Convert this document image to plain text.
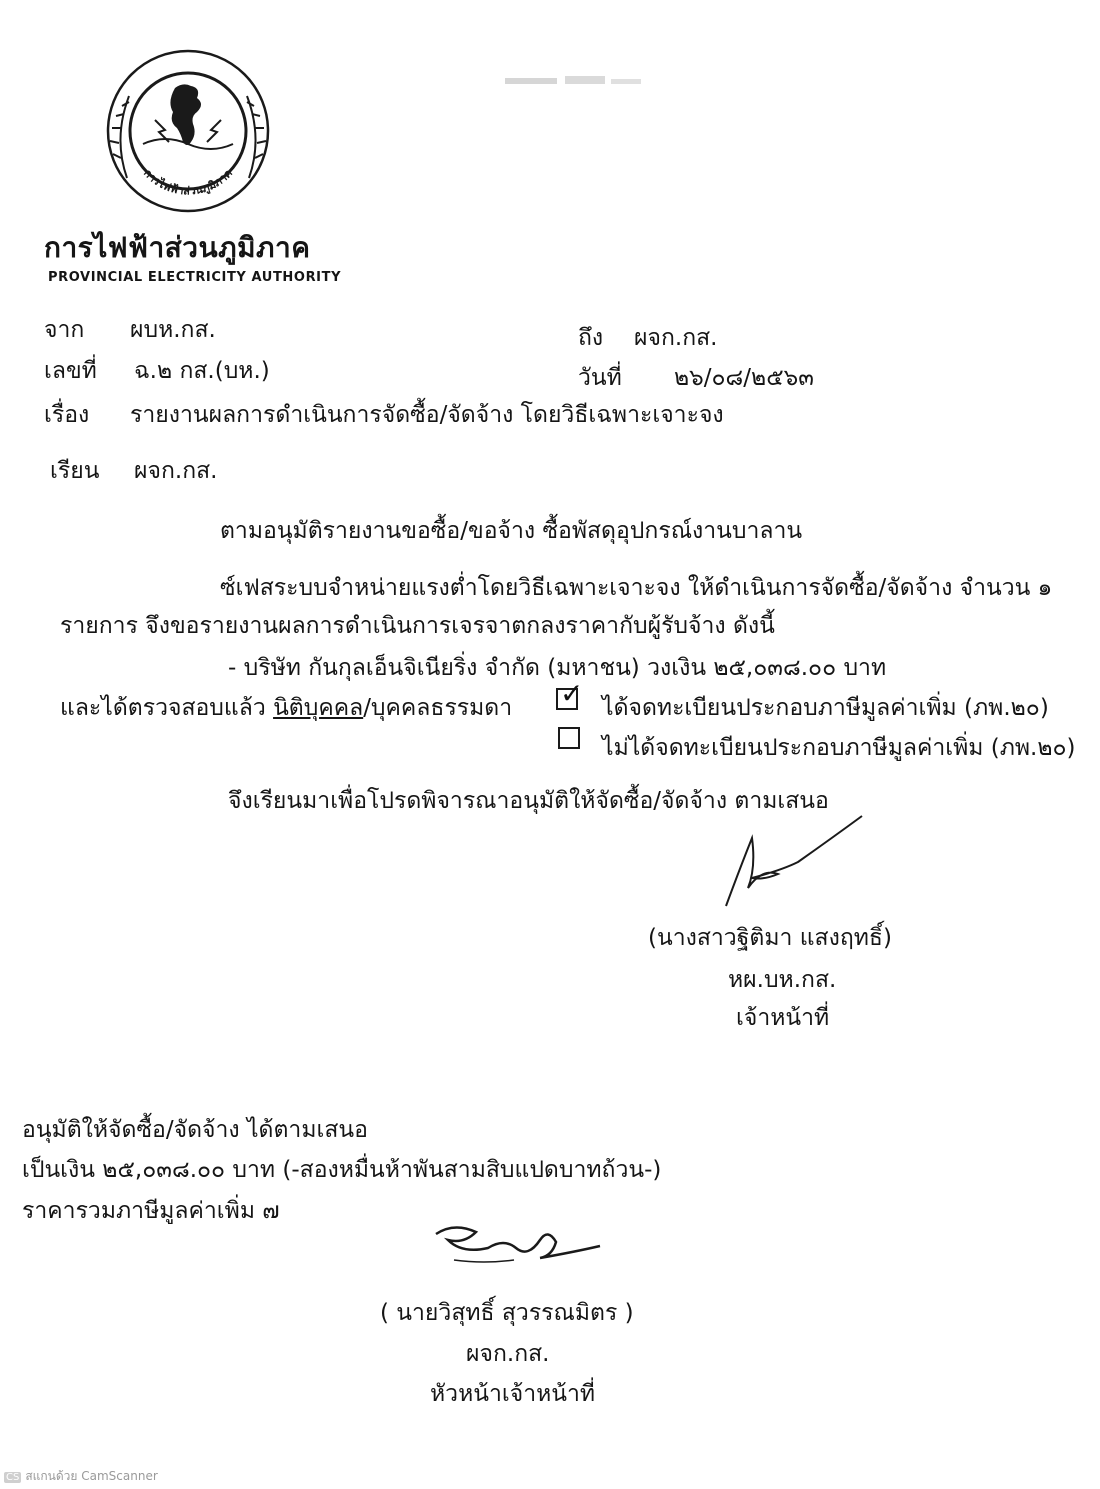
การไฟฟ้าส่วนภูมิภาค
การไฟฟ้าส่วนภูมิภาค
PROVINCIAL ELECTRICITY AUTHORITY
จาก ผบห.กส.	ถึง ผจก.กส.
เลขที่ ฉ.๒ กส.(บห.)	วันที่ ๒๖/๐๘/๒๕๖๓
เรื่อง รายงานผลการดำเนินการจัดซื้อ/จัดจ้าง โดยวิธีเฉพาะเจาะจง
เรียน ผจก.กส.
ตามอนุมัติรายงานขอซื้อ/ขอจ้าง ซื้อพัสดุอุปกรณ์งานบาลาน
ซ์เฟสระบบจำหน่ายแรงต่ำโดยวิธีเฉพาะเจาะจง ให้ดำเนินการจัดซื้อ/จัดจ้าง จำนวน ๑
รายการ จึงขอรายงานผลการดำเนินการเจรจาตกลงราคากับผู้รับจ้าง ดังนี้
- บริษัท กันกุลเอ็นจิเนียริ่ง จำกัด (มหาชน) วงเงิน ๒๕,๐๓๘.๐๐ บาท
และได้ตรวจสอบแล้ว นิติบุคคล/บุคคลธรรมดา ✓ ได้จดทะเบียนประกอบภาษีมูลค่าเพิ่ม (ภพ.๒๐)
ไม่ได้จดทะเบียนประกอบภาษีมูลค่าเพิ่ม (ภพ.๒๐)
จึงเรียนมาเพื่อโปรดพิจารณาอนุมัติให้จัดซื้อ/จัดจ้าง ตามเสนอ
(นางสาวฐิติมา แสงฤทธิ์)
หผ.บห.กส.
เจ้าหน้าที่
อนุมัติให้จัดซื้อ/จัดจ้าง ได้ตามเสนอ
เป็นเงิน ๒๕,๐๓๘.๐๐ บาท (-สองหมื่นห้าพันสามสิบแปดบาทถ้วน-)
ราคารวมภาษีมูลค่าเพิ่ม ๗
( นายวิสุทธิ์ สุวรรณมิตร )
ผจก.กส.
หัวหน้าเจ้าหน้าที่
CS สแกนด้วย CamScanner
